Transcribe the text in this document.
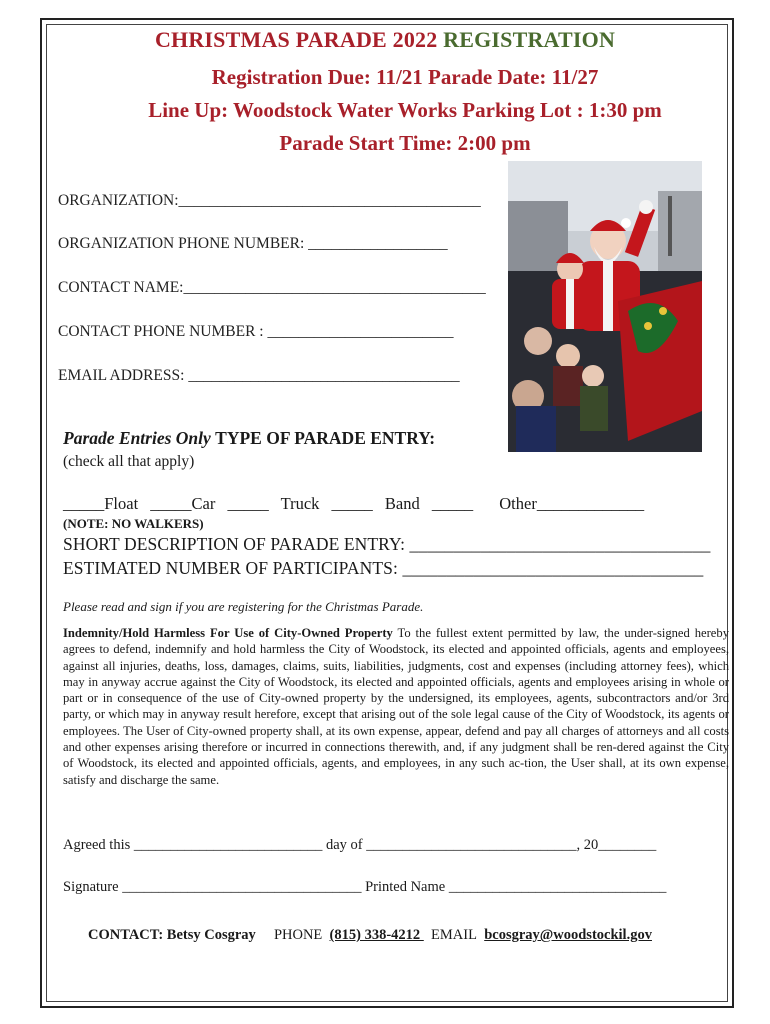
CHRISTMAS PARADE 2022 REGISTRATION
Registration Due: 11/21 Parade Date: 11/27
Line Up: Woodstock Water Works Parking Lot : 1:30 pm
Parade Start Time: 2:00 pm
ORGANIZATION:_______________________________________
ORGANIZATION PHONE NUMBER: __________________
CONTACT NAME:_______________________________________
CONTACT PHONE NUMBER : ________________________
EMAIL ADDRESS: ___________________________________
Parade Entries Only TYPE OF PARADE ENTRY:
(check all that apply)
_____Float _____Car _____ Truck _____ Band _____ Other_____________
(NOTE: NO WALKERS)
SHORT DESCRIPTION OF PARADE ENTRY: __________________________________
ESTIMATED NUMBER OF PARTICIPANTS: __________________________________
Please read and sign if you are registering for the Christmas Parade.
Indemnity/Hold Harmless For Use of City-Owned Property To the fullest extent permitted by law, the under-signed hereby agrees to defend, indemnify and hold harmless the City of Woodstock, its elected and appointed officials, agents and employees, against all injuries, deaths, loss, damages, claims, suits, liabilities, judgments, cost and expenses (including attorney fees), which may in anyway accrue against the City of Woodstock, its elected and appointed officials, agents and employees arising in whole or part or in consequence of the use of City-owned property by the undersigned, its employees, agents, subcontractors and/or 3rd party, or which may in anyway result herefore, except that arising out of the sole legal cause of the City of Woodstock, its agents or employees. The User of City-owned property shall, at its own expense, appear, defend and pay all charges of attorneys and all costs and other expenses arising therefore or incurred in connections therewith, and, if any judgment shall be ren-dered against the City of Woodstock, its elected and appointed officials, agents, and employees, in any such ac-tion, the User shall, at its own expense, satisfy and discharge the same.
Agreed this __________________________ day of _____________________________, 20________
Signature _________________________________ Printed Name ______________________________
CONTACT: Betsy Cosgray PHONE (815) 338-4212   EMAIL bcosgray@woodstockil.gov
